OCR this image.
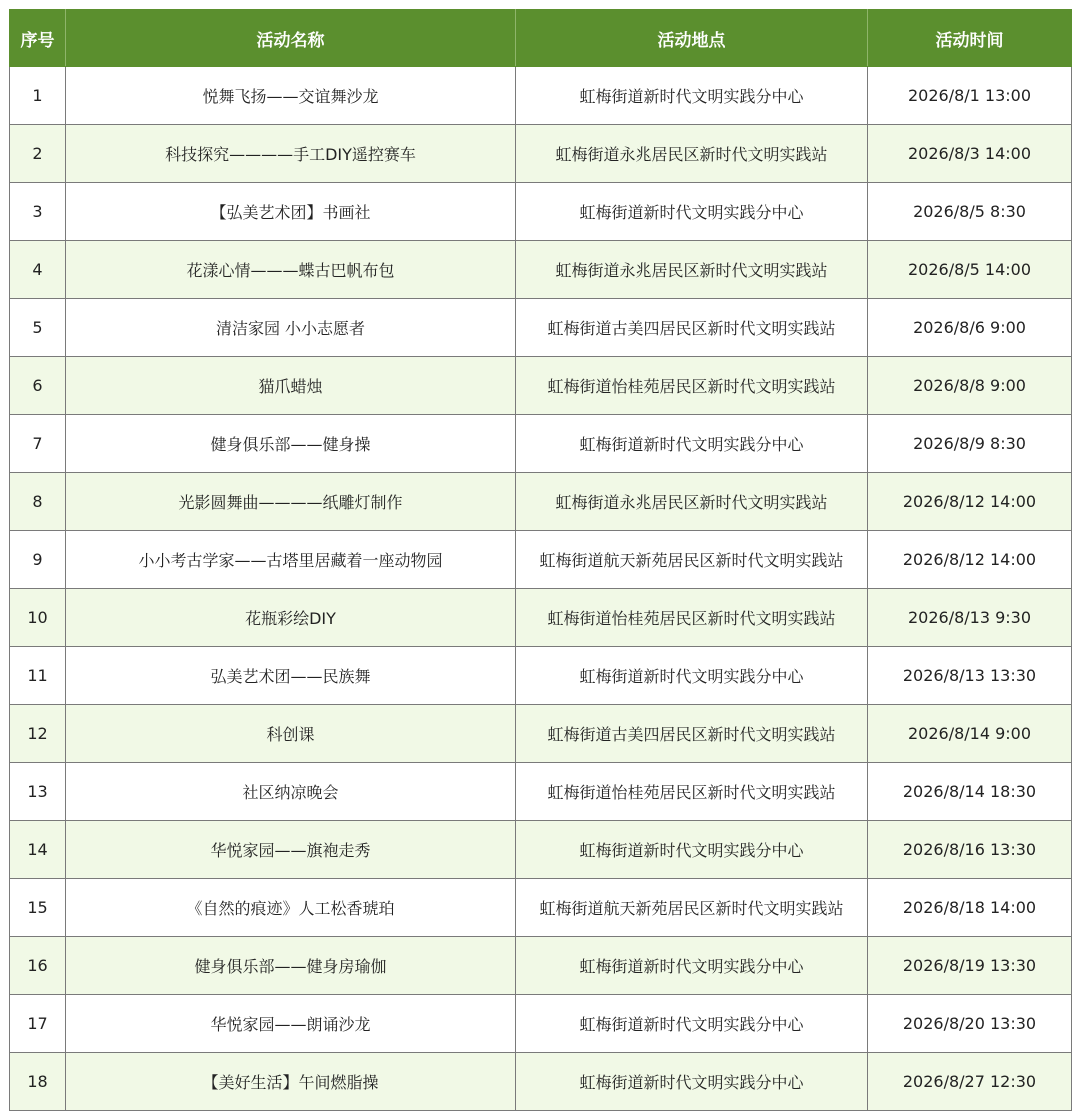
序号	活动名称	活动地点	活动时间
1	悦舞飞扬——交谊舞沙龙	虹梅街道新时代文明实践分中心	2026/8/1 13:00
2	科技探究————手工DIY遥控赛车	虹梅街道永兆居民区新时代文明实践站	2026/8/3 14:00
3	【弘美艺术团】书画社	虹梅街道新时代文明实践分中心	2026/8/5 8:30
4	花漾心情———蝶古巴帆布包	虹梅街道永兆居民区新时代文明实践站	2026/8/5 14:00
5	清洁家园 小小志愿者	虹梅街道古美四居民区新时代文明实践站	2026/8/6 9:00
6	猫爪蜡烛	虹梅街道怡桂苑居民区新时代文明实践站	2026/8/8 9:00
7	健身俱乐部——健身操	虹梅街道新时代文明实践分中心	2026/8/9 8:30
8	光影圆舞曲————纸雕灯制作	虹梅街道永兆居民区新时代文明实践站	2026/8/12 14:00
9	小小考古学家——古塔里居藏着一座动物园	虹梅街道航天新苑居民区新时代文明实践站	2026/8/12 14:00
10	花瓶彩绘DIY	虹梅街道怡桂苑居民区新时代文明实践站	2026/8/13 9:30
11	弘美艺术团——民族舞	虹梅街道新时代文明实践分中心	2026/8/13 13:30
12	科创课	虹梅街道古美四居民区新时代文明实践站	2026/8/14 9:00
13	社区纳凉晚会	虹梅街道怡桂苑居民区新时代文明实践站	2026/8/14 18:30
14	华悦家园——旗袍走秀	虹梅街道新时代文明实践分中心	2026/8/16 13:30
15	《自然的痕迹》人工松香琥珀	虹梅街道航天新苑居民区新时代文明实践站	2026/8/18 14:00
16	健身俱乐部——健身房瑜伽	虹梅街道新时代文明实践分中心	2026/8/19 13:30
17	华悦家园——朗诵沙龙	虹梅街道新时代文明实践分中心	2026/8/20 13:30
18	【美好生活】午间燃脂操	虹梅街道新时代文明实践分中心	2026/8/27 12:30
